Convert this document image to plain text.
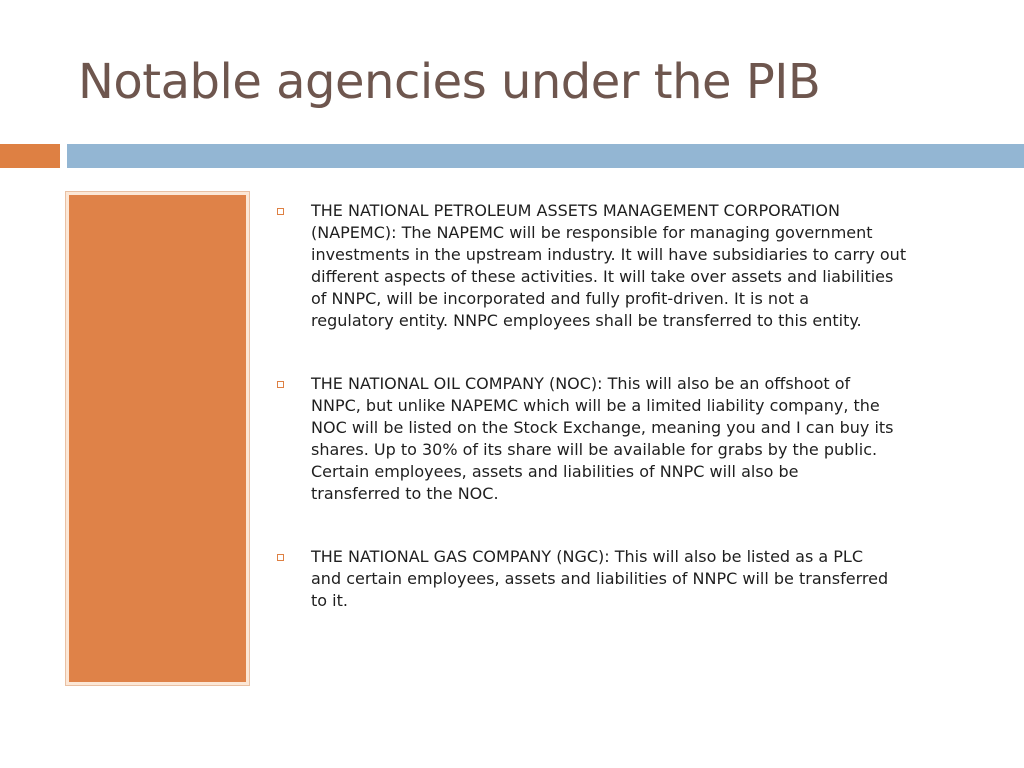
Notable agencies under the PIB
THE NATIONAL PETROLEUM ASSETS MANAGEMENT CORPORATION
(NAPEMC): The NAPEMC will be responsible for managing government
investments in the upstream industry. It will have subsidiaries to carry out
different aspects of these activities. It will take over assets and liabilities
of NNPC, will be incorporated and fully profit-driven. It is not a
regulatory entity. NNPC employees shall be transferred to this entity.
THE NATIONAL OIL COMPANY (NOC): This will also be an offshoot of
NNPC, but unlike NAPEMC which will be a limited liability company, the
NOC will be listed on the Stock Exchange, meaning you and I can buy its
shares. Up to 30% of its share will be available for grabs by the public.
Certain employees, assets and liabilities of NNPC will also be
transferred to the NOC.
THE NATIONAL GAS COMPANY (NGC): This will also be listed as a PLC
and certain employees, assets and liabilities of NNPC will be transferred
to it.
